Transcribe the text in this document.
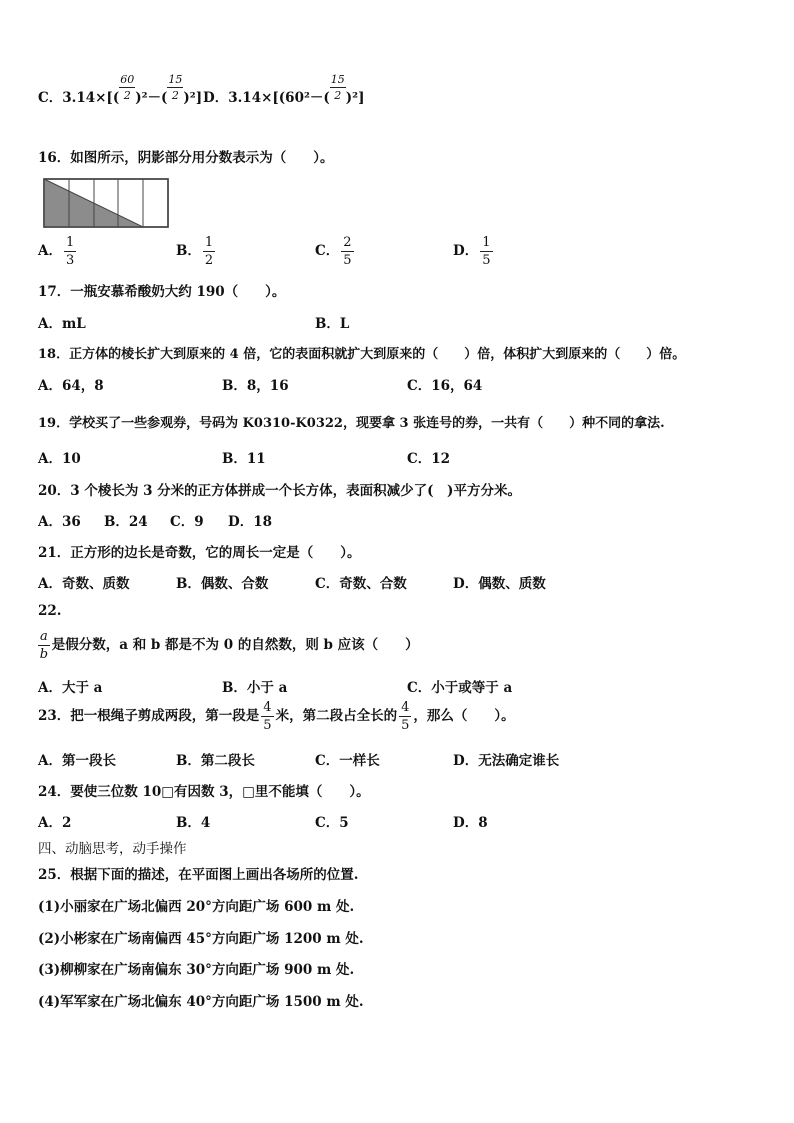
C．$3.14\times[( \frac{60}{2} )^2-( \frac{15}{2} )^2]$ D．$3.14\times[(60^2-( \frac{15}{2} )^2]$
16．如图所示，阴影部分用分数表示为（　　）。
A． $\frac{1}{3}$	B． $\frac{1}{2}$	C． $\frac{2}{5}$	D． $\frac{1}{5}$
17．一瓶安慕希酸奶大约 190（　　）。
A．mL	B．L
18．正方体的棱长扩大到原来的 4 倍，它的表面积就扩大到原来的（　　）倍，体积扩大到原来的（　　）倍。
A．64，8	B．8，16	C．16，64
19．学校买了一些参观券，号码为 K0310-K0322，现要拿 3 张连号的券，一共有（　　）种不同的拿法.
A．10	B．11	C．12
20．3 个棱长为 3 分米的正方体拼成一个长方体，表面积减少了(　)平方分米。
A．36 B．24 C．9 D．18
21．正方形的边长是奇数，它的周长一定是（　　）。
A．奇数、质数	B．偶数、合数	C．奇数、合数	D．偶数、质数
22.
$\frac{a}{b}$ 是假分数，a 和 b 都是不为 0 的自然数，则 b 应该（　　）
A．大于 a	B．小于 a	C．小于或等于 a
23．把一根绳子剪成两段，第一段是 $\frac{4}{5}$ 米，第二段占全长的 $\frac{4}{5}$ ，那么（　　）。
A．第一段长	B．第二段长	C．一样长	D．无法确定谁长
24．要使三位数 10□有因数 3，□里不能填（　　）。
A．2	B．4	C．5	D．8
四、动脑思考，动手操作
25．根据下面的描述，在平面图上画出各场所的位置.
(1)小丽家在广场北偏西 20°方向距广场 600 m 处.
(2)小彬家在广场南偏西 45°方向距广场 1200 m 处.
(3)柳柳家在广场南偏东 30°方向距广场 900 m 处.
(4)军军家在广场北偏东 40°方向距广场 1500 m 处.
